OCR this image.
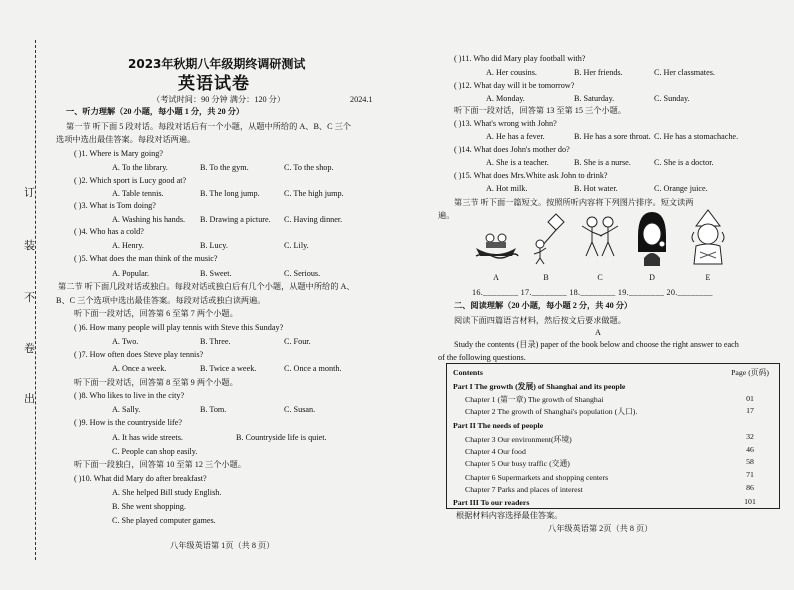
订
装
不
卷
出
2023年秋期八年级期终调研测试
英语试卷
（考试时间：90 分钟 满分：120 分）	2024.1
一、听力理解（20 小题，每小题 1 分，共 20 分）
第一节 听下面 5 段对话。每段对话后有一个小题，从题中所给的 A、B、C 三个
选项中选出最佳答案。每段对话两遍。
( )1. Where is Mary going?
A. To the library.	B. To the gym.	C. To the shop.
( )2. Which sport is Lucy good at?
A. Table tennis.	B. The long jump.	C. The high jump.
( )3. What is Tom doing?
A. Washing his hands. B. Drawing a picture. C. Having dinner.
( )4. Who has a cold?
A. Henry.	B. Lucy.	C. Lily.
( )5. What does the man think of the music?
A. Popular.	B. Sweet.	C. Serious.
第二节 听下面几段对话或独白。每段对话或独白后有几个小题，从题中所给的 A、
B、C 三个选项中选出最佳答案。每段对话或独白读两遍。
听下面一段对话，回答第 6 至第 7 两个小题。
( )6. How many people will play tennis with Steve this Sunday?
A. Two.	B. Three.	C. Four.
( )7. How often does Steve play tennis?
A. Once a week.	B. Twice a week.	C. Once a month.
听下面一段对话，回答第 8 至第 9 两个小题。
( )8. Who likes to live in the city?
A. Sally.	B. Tom.	C. Susan.
( )9. How is the countryside life?
A. It has wide streets.	B. Countryside life is quiet.
C. People can shop easily.
听下面一段独白，回答第 10 至第 12 三个小题。
( )10. What did Mary do after breakfast?
A. She helped Bill study English.
B. She went shopping.
C. She played computer games.
八年级英语第 1页（共 8 页）
( )11. Who did Mary play football with?
A. Her cousins.	B. Her friends.	C. Her classmates.
( )12. What day will it be tomorrow?
A. Monday.	B. Saturday.	C. Sunday.
听下面一段对话，回答第 13 至第 15 三个小题。
( )13. What's wrong with John?
A. He has a fever.	B. He has a sore throat. C. He has a stomachache.
( )14. What does John's mother do?
A. She is a teacher.	B. She is a nurse.	C. She is a doctor.
( )15. What does Mrs.White ask John to drink?
A. Hot milk.	B. Hot water.	C. Orange juice.
第三节 听下面一篇短文。按照所听内容将下列图片排序。短文读两
遍。
16.________ 17.________ 18.________ 19.________ 20.________
二、阅读理解（20 小题，每小题 2 分，共 40 分）
阅读下面四篇语言材料，然后按文后要求做题。
A
Study the contents (目录) paper of the book below and choose the right answer to each
of the following questions.
根据材料内容选择最佳答案。
八年级英语第 2页（共 8 页）
A	B	C	D	E
Contents	Page (页码)
Part I The growth (发展) of Shanghai and its people
Chapter 1 (第一章) The growth of Shanghai	01
Chapter 2 The growth of Shanghai's population (人口).	17
Part II The needs of people
Chapter 3 Our environment(环境)	32
Chapter 4 Our food	46
Chapter 5 Our busy traffic (交通)	58
Chapter 6 Supermarkets and shopping centers	71
Chapter 7 Parks and places of interest	86
Part III To our readers	101
